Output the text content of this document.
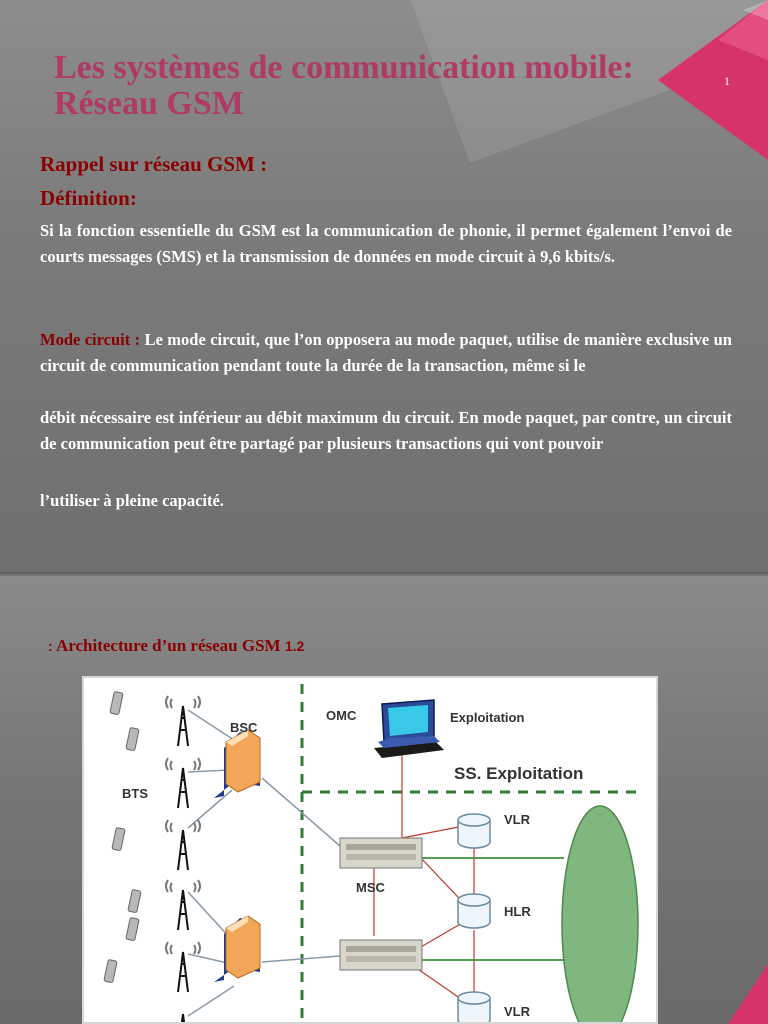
Les systèmes de communication mobile: Réseau GSM
1
Rappel sur réseau GSM :
Définition:

Si la fonction essentielle du GSM est la communication de phonie, il permet également l’envoi de courts messages (SMS) et la transmission de données en mode circuit à 9,6 kbits/s.

Mode circuit : Le mode circuit, que l’on opposera au mode paquet, utilise de manière exclusive un circuit de communication pendant toute la durée de la transaction, même si le

débit nécessaire est inférieur au débit maximum du circuit. En mode paquet, par contre, un circuit de communication peut être partagé par plusieurs transactions qui vont pouvoir

l’utiliser à pleine capacité.

: Architecture d’un réseau GSM 1.2
BSC
BTS
OMC	Exploitation
SS. Exploitation
MSC
VLR
HLR
VLR
